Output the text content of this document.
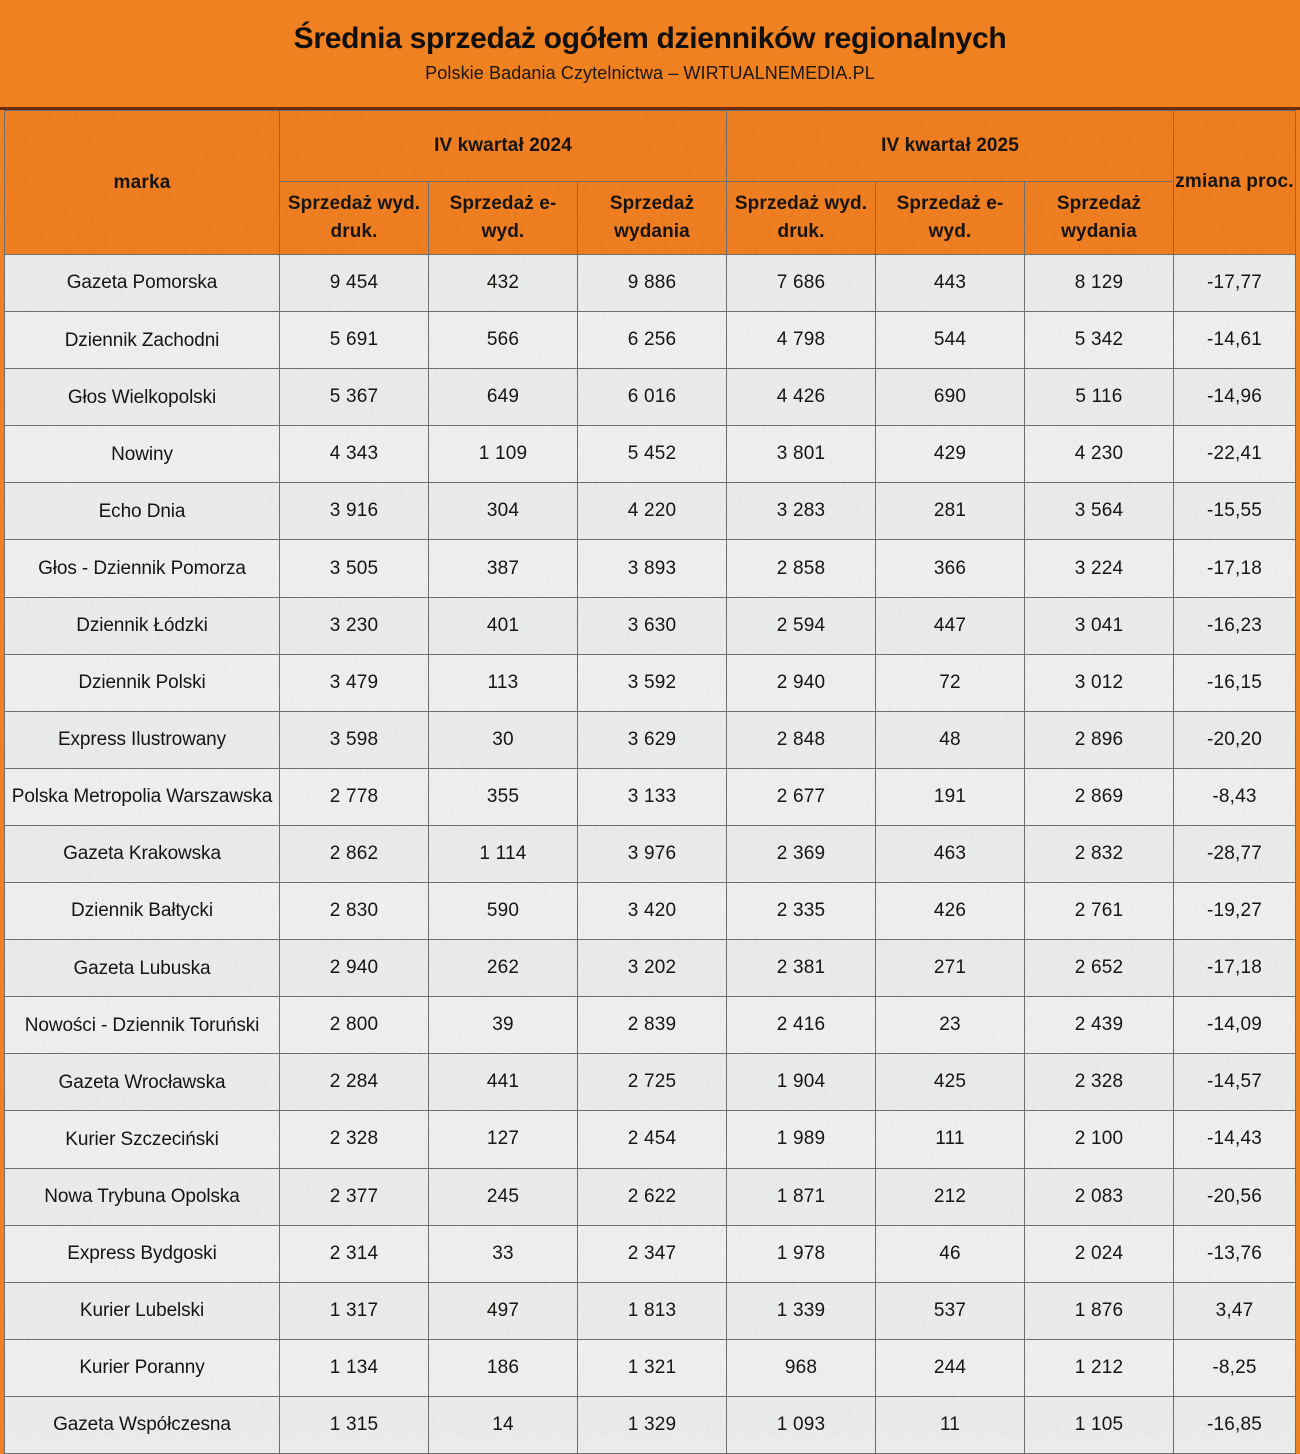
Średnia sprzedaż ogółem dzienników regionalnych
Polskie Badania Czytelnictwa – WIRTUALNEMEDIA.PL
marka	IV kwartał 2024			IV kwartał 2025			zmiana proc.
	Sprzedaż wyd. druk.	Sprzedaż e-wyd.	Sprzedaż wydania	Sprzedaż wyd. druk.	Sprzedaż e-wyd.	Sprzedaż wydania	
Gazeta Pomorska	9 454	432	9 886	7 686	443	8 129	-17,77
Dziennik Zachodni	5 691	566	6 256	4 798	544	5 342	-14,61
Głos Wielkopolski	5 367	649	6 016	4 426	690	5 116	-14,96
Nowiny	4 343	1 109	5 452	3 801	429	4 230	-22,41
Echo Dnia	3 916	304	4 220	3 283	281	3 564	-15,55
Głos - Dziennik Pomorza	3 505	387	3 893	2 858	366	3 224	-17,18
Dziennik Łódzki	3 230	401	3 630	2 594	447	3 041	-16,23
Dziennik Polski	3 479	113	3 592	2 940	72	3 012	-16,15
Express Ilustrowany	3 598	30	3 629	2 848	48	2 896	-20,20
Polska Metropolia Warszawska	2 778	355	3 133	2 677	191	2 869	-8,43
Gazeta Krakowska	2 862	1 114	3 976	2 369	463	2 832	-28,77
Dziennik Bałtycki	2 830	590	3 420	2 335	426	2 761	-19,27
Gazeta Lubuska	2 940	262	3 202	2 381	271	2 652	-17,18
Nowości - Dziennik Toruński	2 800	39	2 839	2 416	23	2 439	-14,09
Gazeta Wrocławska	2 284	441	2 725	1 904	425	2 328	-14,57
Kurier Szczeciński	2 328	127	2 454	1 989	111	2 100	-14,43
Nowa Trybuna Opolska	2 377	245	2 622	1 871	212	2 083	-20,56
Express Bydgoski	2 314	33	2 347	1 978	46	2 024	-13,76
Kurier Lubelski	1 317	497	1 813	1 339	537	1 876	3,47
Kurier Poranny	1 134	186	1 321	968	244	1 212	-8,25
Gazeta Współczesna	1 315	14	1 329	1 093	11	1 105	-16,85
